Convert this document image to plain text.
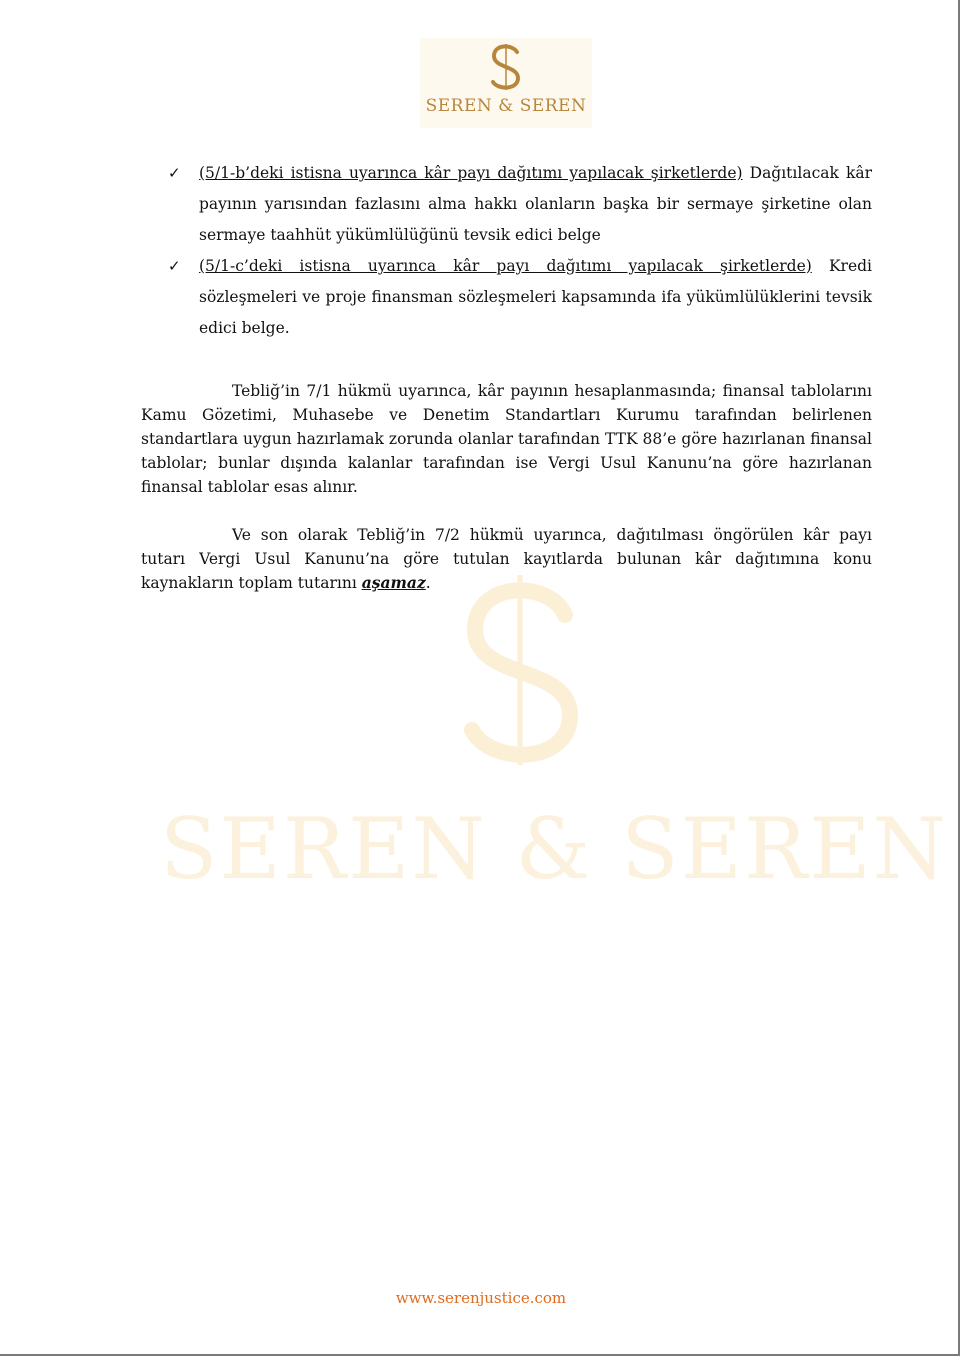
SEREN & SEREN
SEREN & SEREN
✓ (5/1-b’deki istisna uyarınca kâr payı dağıtımı yapılacak şirketlerde) Dağıtılacak kâr payının yarısından fazlasını alma hakkı olanların başka bir sermaye şirketine olan sermaye taahhüt yükümlülüğünü tevsik edici belge
✓ (5/1-c’deki istisna uyarınca kâr payı dağıtımı yapılacak şirketlerde) Kredi sözleşmeleri ve proje finansman sözleşmeleri kapsamında ifa yükümlülüklerini tevsik edici belge.
Tebliğ’in 7/1 hükmü uyarınca, kâr payının hesaplanmasında; finansal tablolarını Kamu Gözetimi, Muhasebe ve Denetim Standartları Kurumu tarafından belirlenen standartlara uygun hazırlamak zorunda olanlar tarafından TTK 88’e göre hazırlanan finansal tablolar; bunlar dışında kalanlar tarafından ise Vergi Usul Kanunu’na göre hazırlanan finansal tablolar esas alınır.
Ve son olarak Tebliğ’in 7/2 hükmü uyarınca, dağıtılması öngörülen kâr payı tutarı Vergi Usul Kanunu’na göre tutulan kayıtlarda bulunan kâr dağıtımına konu kaynakların toplam tutarını aşamaz.
www.serenjustice.com
